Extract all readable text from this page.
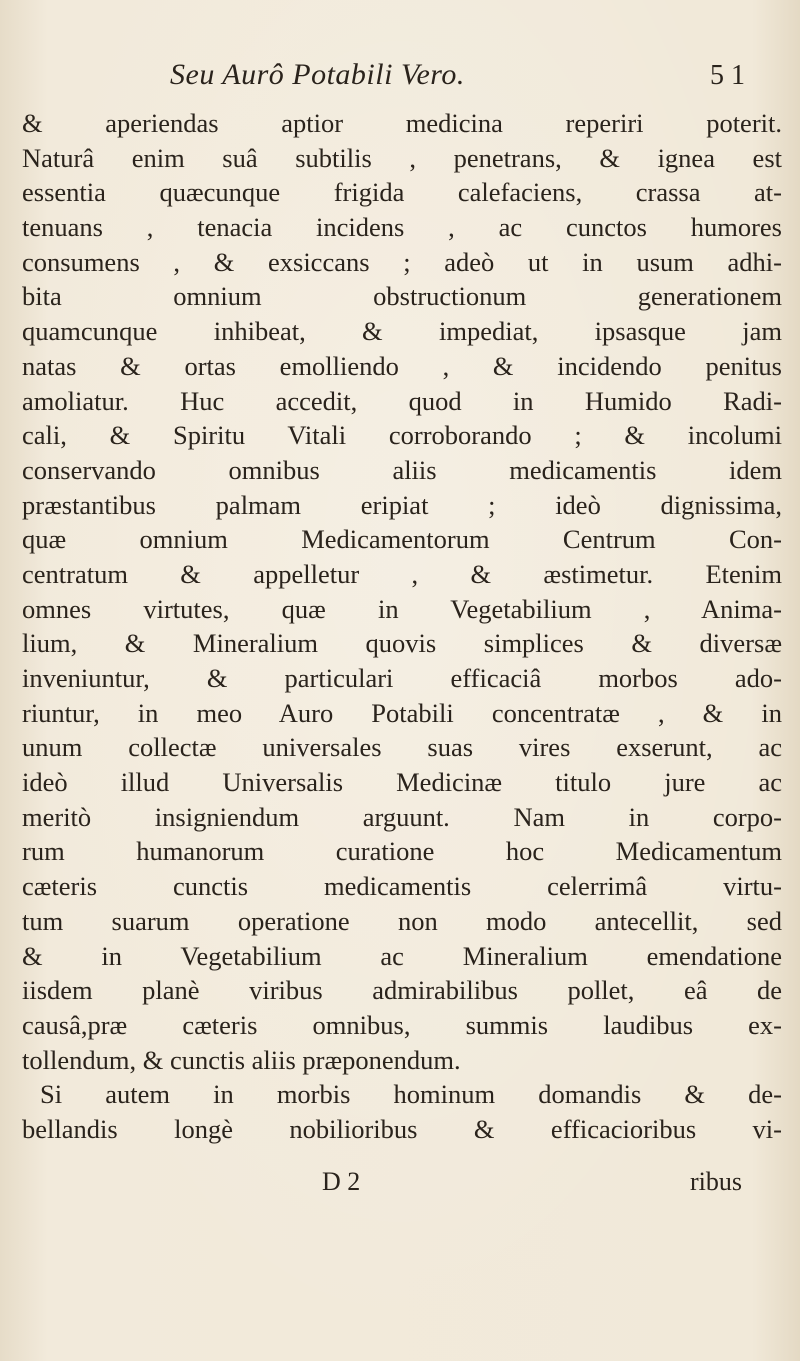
Seu Aurô Potabili Vero.	5 1
& aperiendas aptior medicina reperiri poterit.
Naturâ enim suâ subtilis , penetrans, & ignea est
essentia quæcunque frigida calefaciens, crassa at-
tenuans , tenacia incidens , ac cunctos humores
consumens , & exsiccans ; adeò ut in usum adhi-
bita omnium obstructionum generationem
quamcunque inhibeat, & impediat, ipsasque jam
natas & ortas emolliendo , & incidendo penitus
amoliatur. Huc accedit, quod in Humido Radi-
cali, & Spiritu Vitali corroborando ; & incolumi
conservando omnibus aliis medicamentis idem
præstantibus palmam eripiat ; ideò dignissima,
quæ omnium Medicamentorum Centrum Con-
centratum & appelletur , & æstimetur. Etenim
omnes virtutes, quæ in Vegetabilium , Anima-
lium, & Mineralium quovis simplices & diversæ
inveniuntur, & particulari efficaciâ morbos ado-
riuntur, in meo Auro Potabili concentratæ , & in
unum collectæ universales suas vires exserunt, ac
ideò illud Universalis Medicinæ titulo jure ac
meritò insigniendum arguunt. Nam in corpo-
rum humanorum curatione hoc Medicamentum
cæteris cunctis medicamentis celerrimâ virtu-
tum suarum operatione non modo antecellit, sed
& in Vegetabilium ac Mineralium emendatione
iisdem planè viribus admirabilibus pollet, eâ de
causâ,præ cæteris omnibus, summis laudibus ex-
tollendum, & cunctis aliis præponendum.
Si autem in morbis hominum domandis & de-
bellandis longè nobilioribus & efficacioribus vi-
D 2	ribus
